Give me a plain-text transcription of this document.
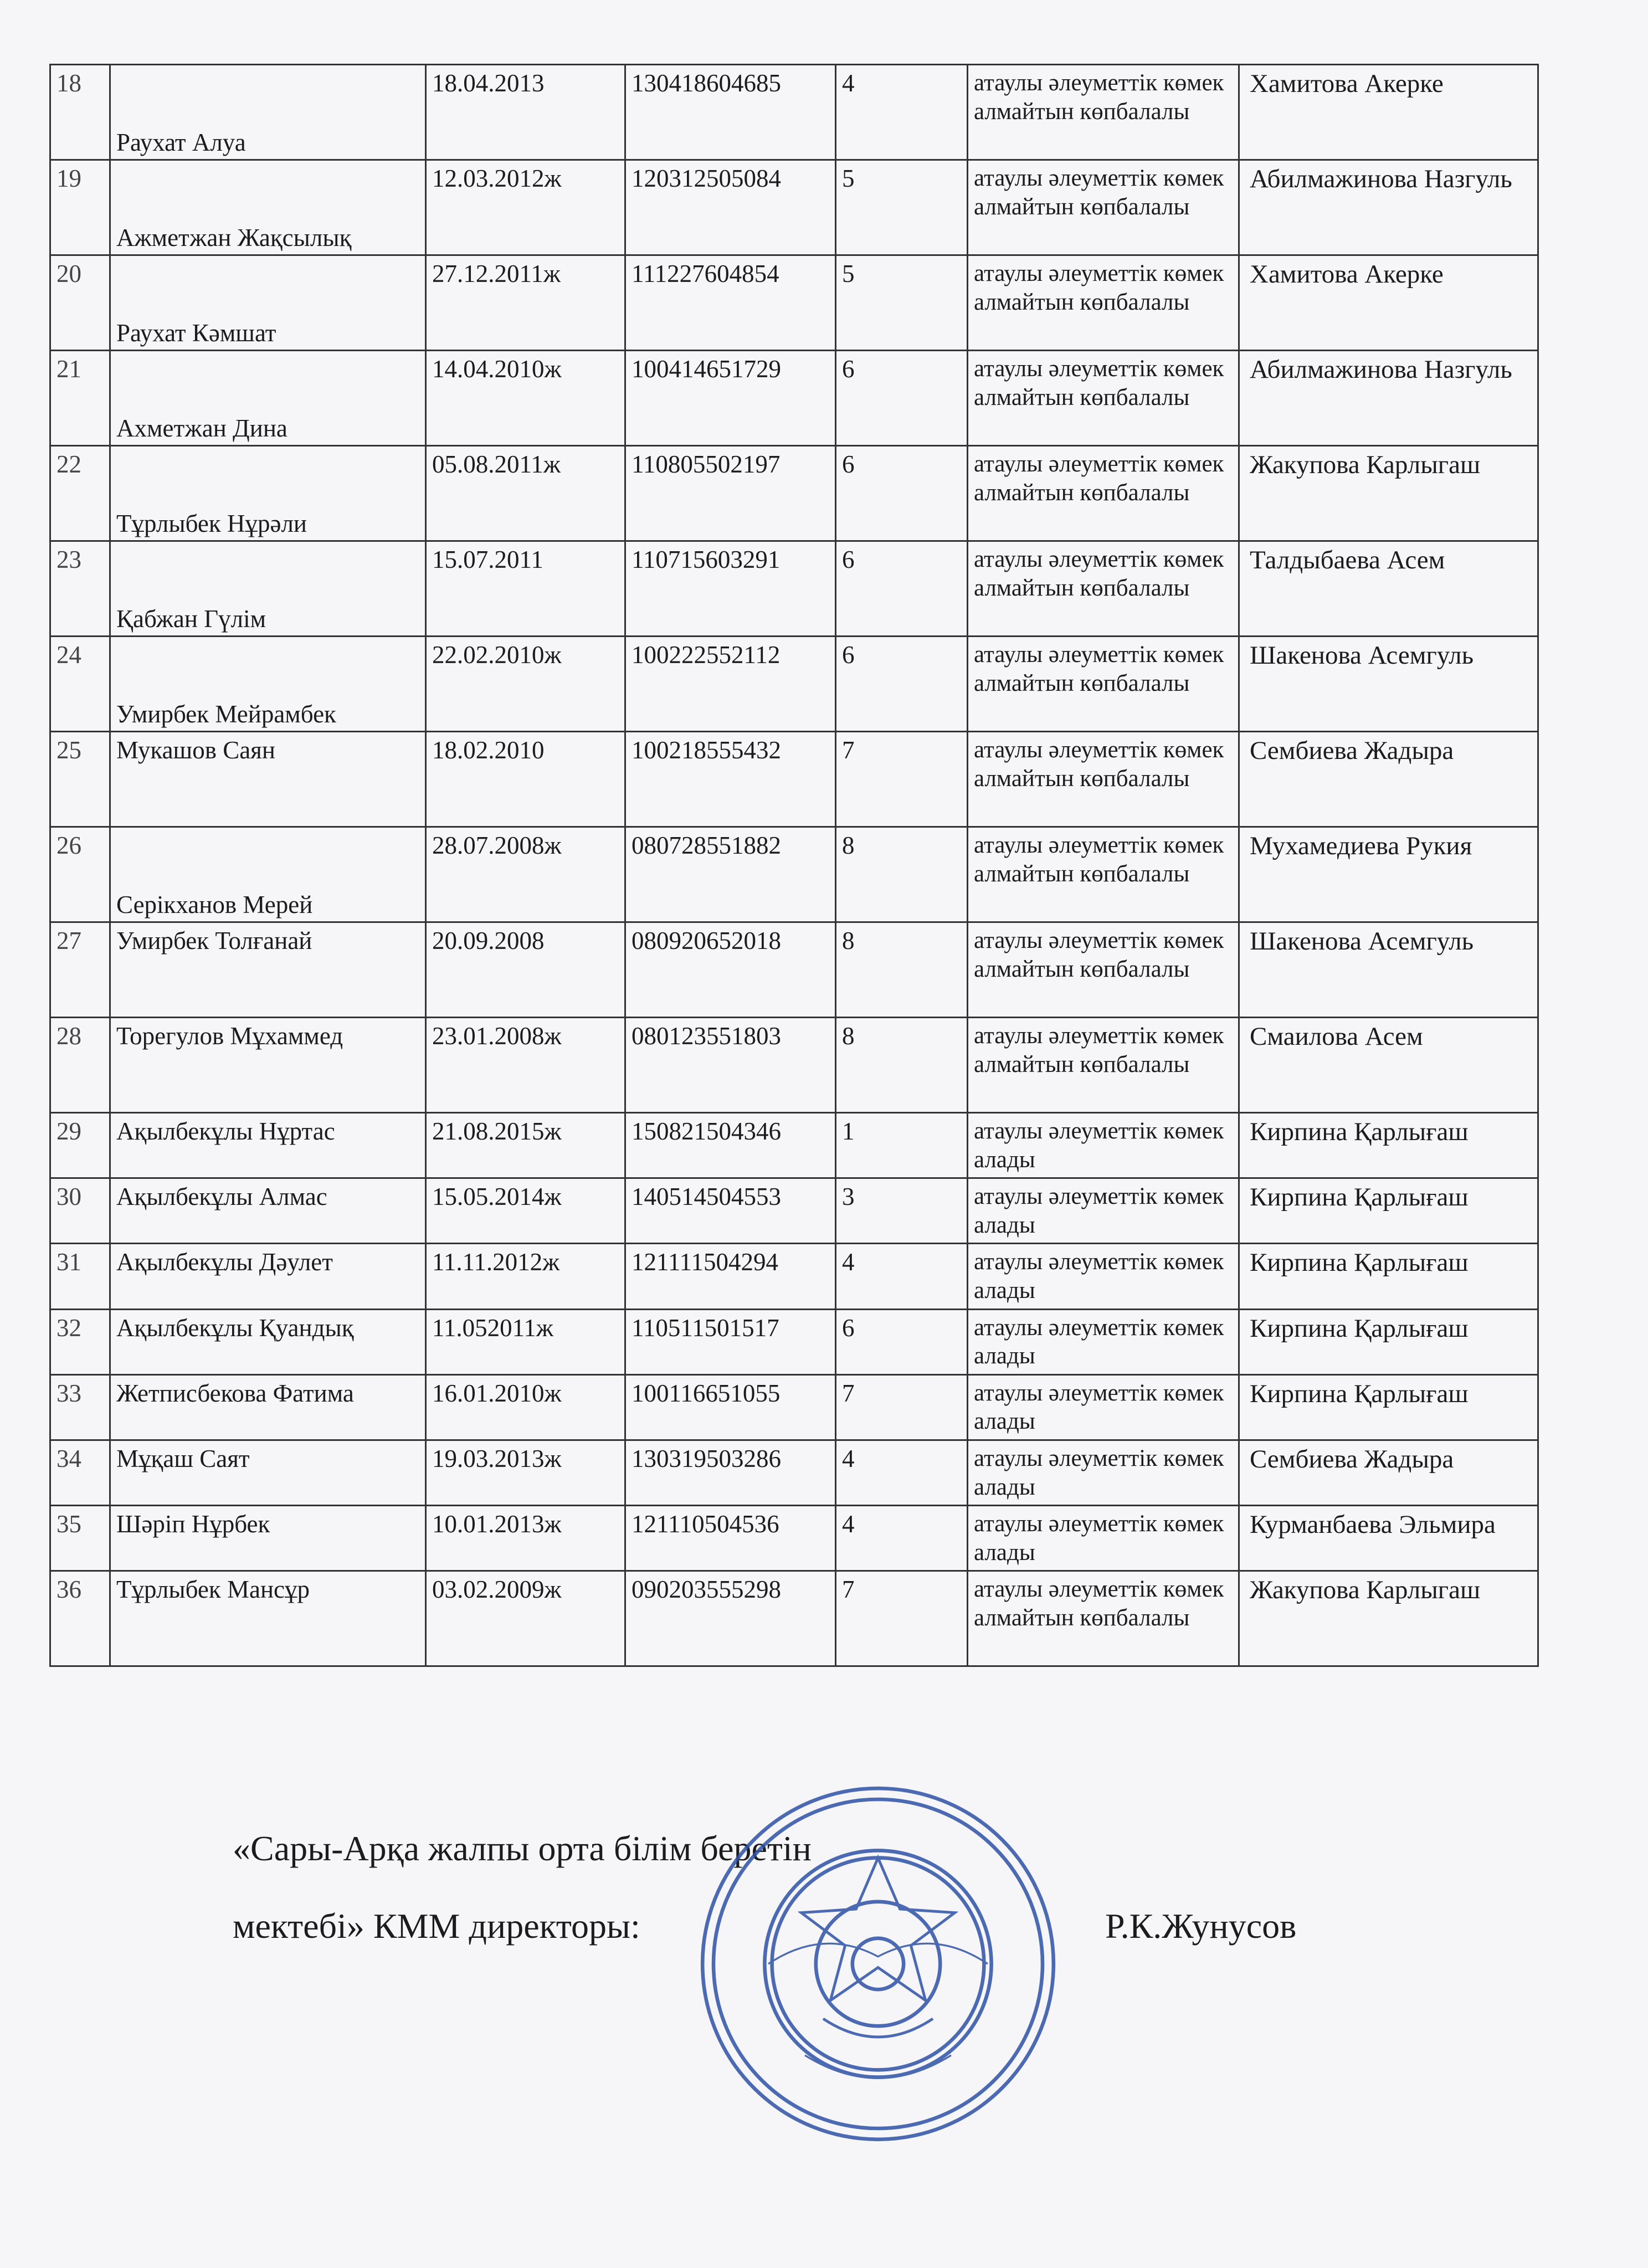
18	Раухат Алуа	18.04.2013	130418604685	4	атаулы әлеуметтік көмек алмайтын көпбалалы	Хамитова Акерке
19	Ажметжан Жақсылық	12.03.2012ж	120312505084	5	атаулы әлеуметтік көмек алмайтын көпбалалы	Абилмажинова Назгуль
20	Раухат Кәмшат	27.12.2011ж	111227604854	5	атаулы әлеуметтік көмек алмайтын көпбалалы	Хамитова Акерке
21	Ахметжан Дина	14.04.2010ж	100414651729	6	атаулы әлеуметтік көмек алмайтын көпбалалы	Абилмажинова Назгуль
22	Тұрлыбек Нұрәли	05.08.2011ж	110805502197	6	атаулы әлеуметтік көмек алмайтын көпбалалы	Жакупова Карлыгаш
23	Қабжан Гүлім	15.07.2011	110715603291	6	атаулы әлеуметтік көмек алмайтын көпбалалы	Талдыбаева Асем
24	Умирбек Мейрамбек	22.02.2010ж	100222552112	6	атаулы әлеуметтік көмек алмайтын көпбалалы	Шакенова Асемгуль
25	Мукашов Саян	18.02.2010	100218555432	7	атаулы әлеуметтік көмек алмайтын көпбалалы	Сембиева Жадыра
26	Серікханов Мерей	28.07.2008ж	080728551882	8	атаулы әлеуметтік көмек алмайтын көпбалалы	Мухамедиева Рукия
27	Умирбек Толғанай	20.09.2008	080920652018	8	атаулы әлеуметтік көмек алмайтын көпбалалы	Шакенова Асемгуль
28	Торегулов Мұхаммед	23.01.2008ж	080123551803	8	атаулы әлеуметтік көмек алмайтын көпбалалы	Смаилова Асем
29	Ақылбекұлы Нұртас	21.08.2015ж	150821504346	1	атаулы әлеуметтік көмек алады	Кирпина Қарлығаш
30	Ақылбекұлы Алмас	15.05.2014ж	140514504553	3	атаулы әлеуметтік көмек алады	Кирпина Қарлығаш
31	Ақылбекұлы Дәулет	11.11.2012ж	121111504294	4	атаулы әлеуметтік көмек алады	Кирпина Қарлығаш
32	Ақылбекұлы Қуандық	11.052011ж	110511501517	6	атаулы әлеуметтік көмек алады	Кирпина Қарлығаш
33	Жетписбекова Фатима	16.01.2010ж	100116651055	7	атаулы әлеуметтік көмек алады	Кирпина Қарлығаш
34	Мұқаш Саят	19.03.2013ж	130319503286	4	атаулы әлеуметтік көмек алады	Сембиева Жадыра
35	Шәріп Нұрбек	10.01.2013ж	121110504536	4	атаулы әлеуметтік көмек алады	Курманбаева Эльмира
36	Тұрлыбек Мансұр	03.02.2009ж	090203555298	7	атаулы әлеуметтік көмек алмайтын көпбалалы	Жакупова Карлыгаш
«Сары-Арқа жалпы орта білім беретін
мектебі» КММ директоры:	Р.К.Жунусов
